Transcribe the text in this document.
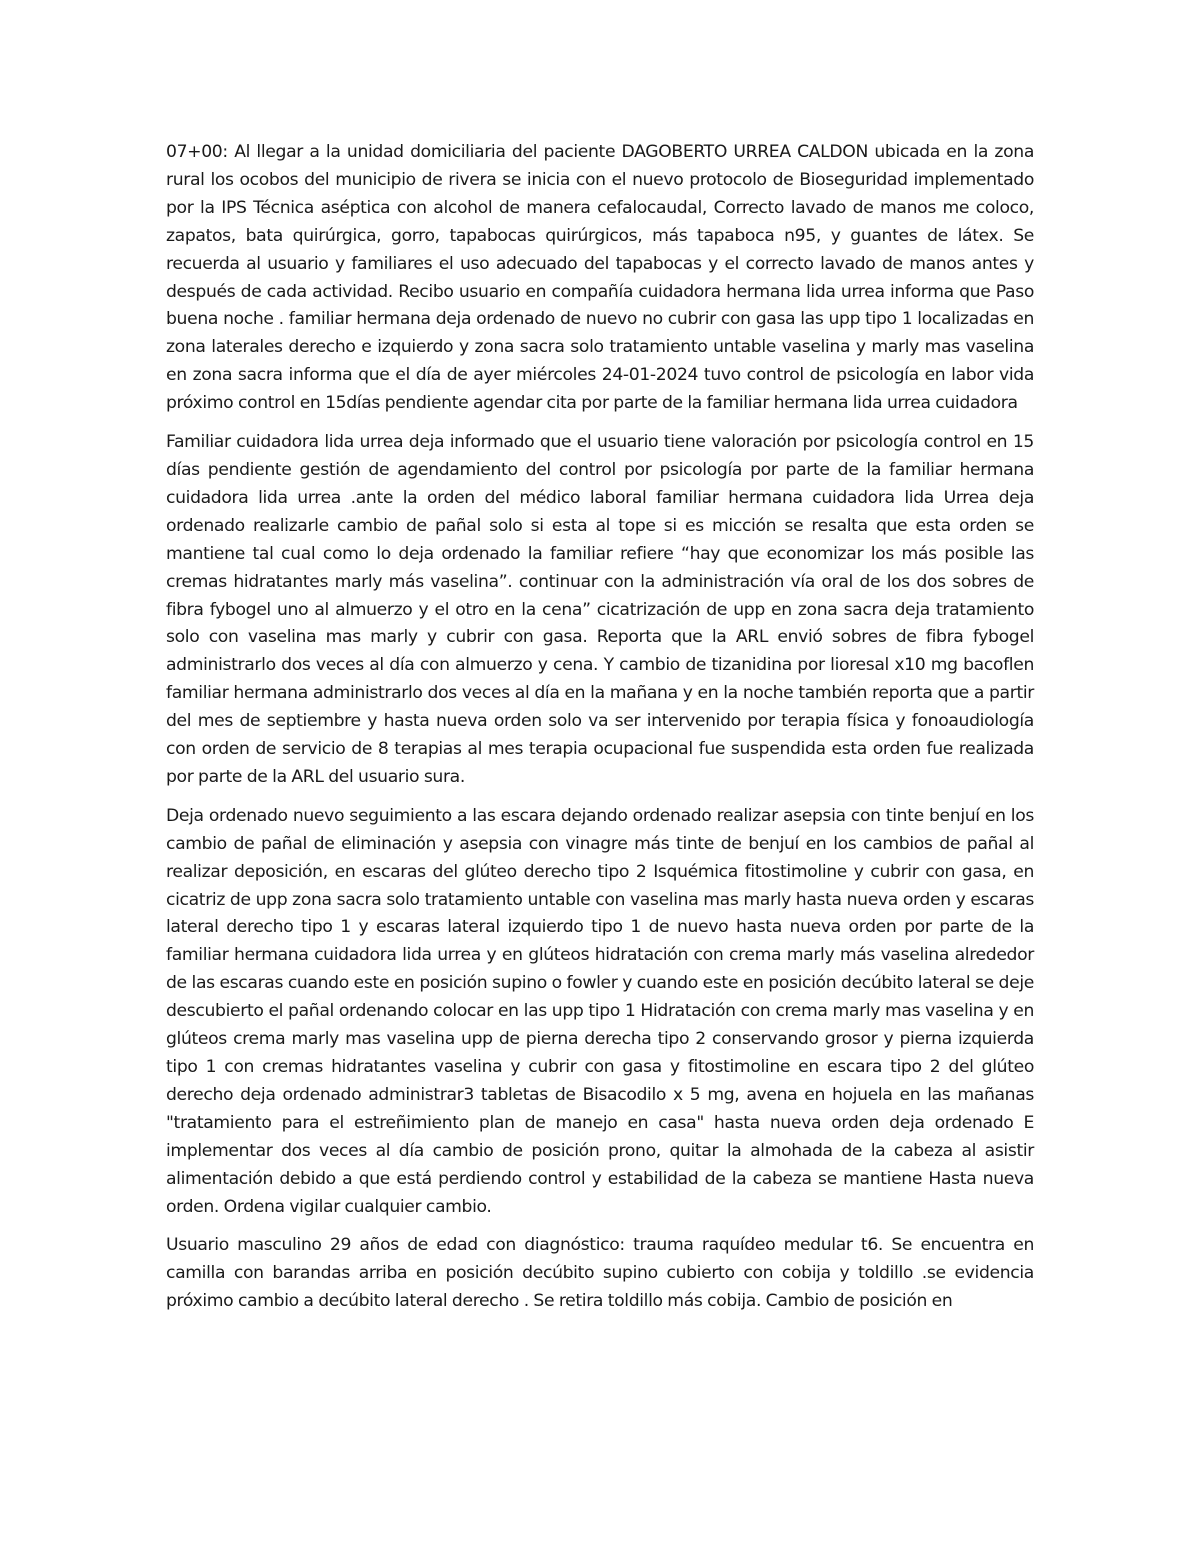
07+00: Al llegar a la unidad domiciliaria del paciente DAGOBERTO URREA CALDON ubicada en la zona rural los ocobos del municipio de rivera se inicia con el nuevo protocolo de Bioseguridad implementado por la IPS Técnica aséptica con alcohol de manera cefalocaudal, Correcto lavado de manos me coloco, zapatos, bata quirúrgica, gorro, tapabocas quirúrgicos, más tapaboca n95, y guantes de látex. Se recuerda al usuario y familiares el uso adecuado del tapabocas y el correcto lavado de manos antes y después de cada actividad. Recibo usuario en compañía cuidadora hermana lida urrea informa que Paso buena noche . familiar hermana deja ordenado de nuevo no cubrir con gasa las upp tipo 1 localizadas en zona laterales derecho e izquierdo y zona sacra solo tratamiento untable vaselina y marly mas vaselina en zona sacra informa que el día de ayer miércoles 24-01-2024 tuvo control de psicología en labor vida próximo control en 15días pendiente agendar cita por parte de la familiar hermana lida urrea cuidadora

Familiar cuidadora lida urrea deja informado que el usuario tiene valoración por psicología control en 15 días pendiente gestión de agendamiento del control por psicología por parte de la familiar hermana cuidadora lida urrea .ante la orden del médico laboral familiar hermana cuidadora lida Urrea deja ordenado realizarle cambio de pañal solo si esta al tope si es micción se resalta que esta orden se mantiene tal cual como lo deja ordenado la familiar refiere “hay que economizar los más posible las cremas hidratantes marly más vaselina”. continuar con la administración vía oral de los dos sobres de fibra fybogel uno al almuerzo y el otro en la cena” cicatrización de upp en zona sacra deja tratamiento solo con vaselina mas marly y cubrir con gasa. Reporta que la ARL envió sobres de fibra fybogel administrarlo dos veces al día con almuerzo y cena. Y cambio de tizanidina por lioresal x10 mg bacoflen familiar hermana administrarlo dos veces al día en la mañana y en la noche también reporta que a partir del mes de septiembre y hasta nueva orden solo va ser intervenido por terapia física y fonoaudiología con orden de servicio de 8 terapias al mes terapia ocupacional fue suspendida esta orden fue realizada por parte de la ARL del usuario sura.

Deja ordenado nuevo seguimiento a las escara dejando ordenado realizar asepsia con tinte benjuí en los cambio de pañal de eliminación y asepsia con vinagre más tinte de benjuí en los cambios de pañal al realizar deposición, en escaras del glúteo derecho tipo 2 Isquémica fitostimoline y cubrir con gasa, en cicatriz de upp zona sacra solo tratamiento untable con vaselina mas marly hasta nueva orden y escaras lateral derecho tipo 1 y escaras lateral izquierdo tipo 1 de nuevo hasta nueva orden por parte de la familiar hermana cuidadora lida urrea y en glúteos hidratación con crema marly más vaselina alrededor de las escaras cuando este en posición supino o fowler y cuando este en posición decúbito lateral se deje descubierto el pañal ordenando colocar en las upp tipo 1 Hidratación con crema marly mas vaselina y en glúteos crema marly mas vaselina upp de pierna derecha tipo 2 conservando grosor y pierna izquierda tipo 1 con cremas hidratantes vaselina y cubrir con gasa y fitostimoline en escara tipo 2 del glúteo derecho deja ordenado administrar3 tabletas de Bisacodilo x 5 mg, avena en hojuela en las mañanas "tratamiento para el estreñimiento plan de manejo en casa" hasta nueva orden deja ordenado E implementar dos veces al día cambio de posición prono, quitar la almohada de la cabeza al asistir alimentación debido a que está perdiendo control y estabilidad de la cabeza se mantiene Hasta nueva orden. Ordena vigilar cualquier cambio.

Usuario masculino 29 años de edad con diagnóstico: trauma raquídeo medular t6. Se encuentra en camilla con barandas arriba en posición decúbito supino cubierto con cobija y toldillo .se evidencia próximo cambio a decúbito lateral derecho . Se retira toldillo más cobija. Cambio de posición en
